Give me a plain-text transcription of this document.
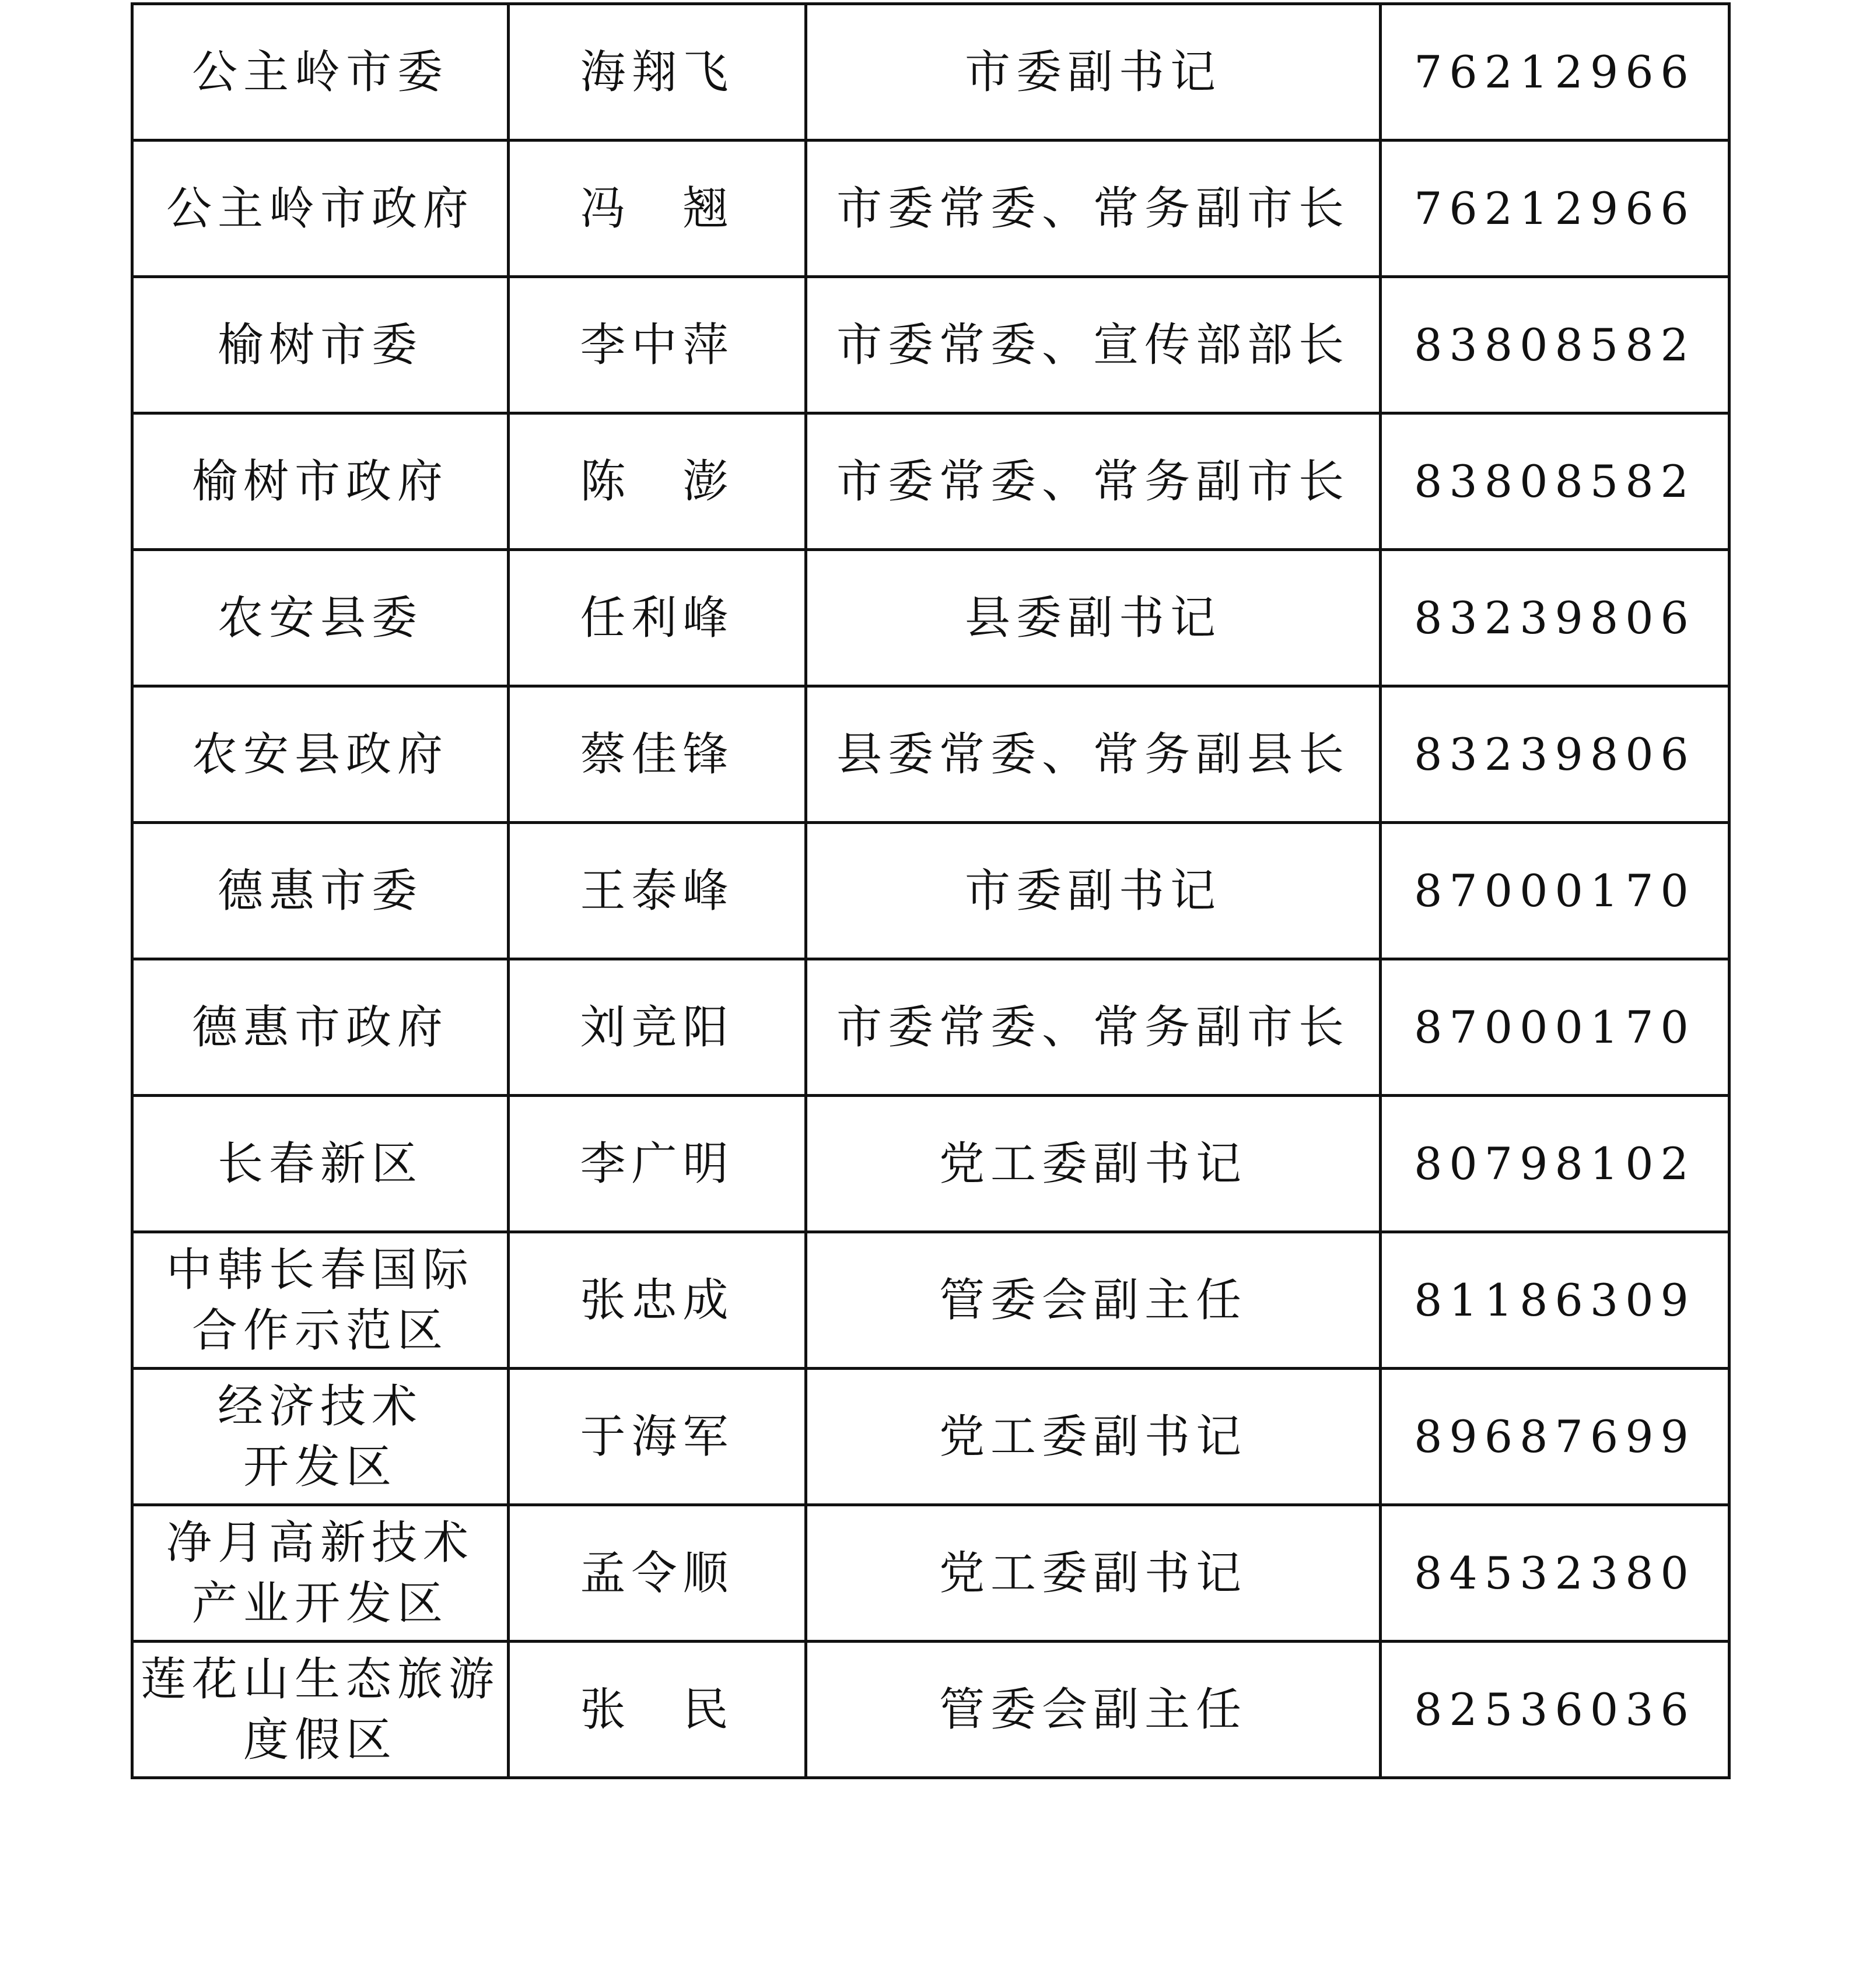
公主岭市委	海翔飞	市委副书记	76212966
公主岭市政府	冯　翘	市委常委、常务副市长	76212966
榆树市委	李中萍	市委常委、宣传部部长	83808582
榆树市政府	陈　澎	市委常委、常务副市长	83808582
农安县委	任利峰	县委副书记	83239806
农安县政府	蔡佳锋	县委常委、常务副县长	83239806
德惠市委	王泰峰	市委副书记	87000170
德惠市政府	刘竞阳	市委常委、常务副市长	87000170
长春新区	李广明	党工委副书记	80798102
中韩长春国际
合作示范区	张忠成	管委会副主任	81186309
经济技术
开发区	于海军	党工委副书记	89687699
净月高新技术
产业开发区	孟令顺	党工委副书记	84532380
莲花山生态旅游
度假区	张　民	管委会副主任	82536036
